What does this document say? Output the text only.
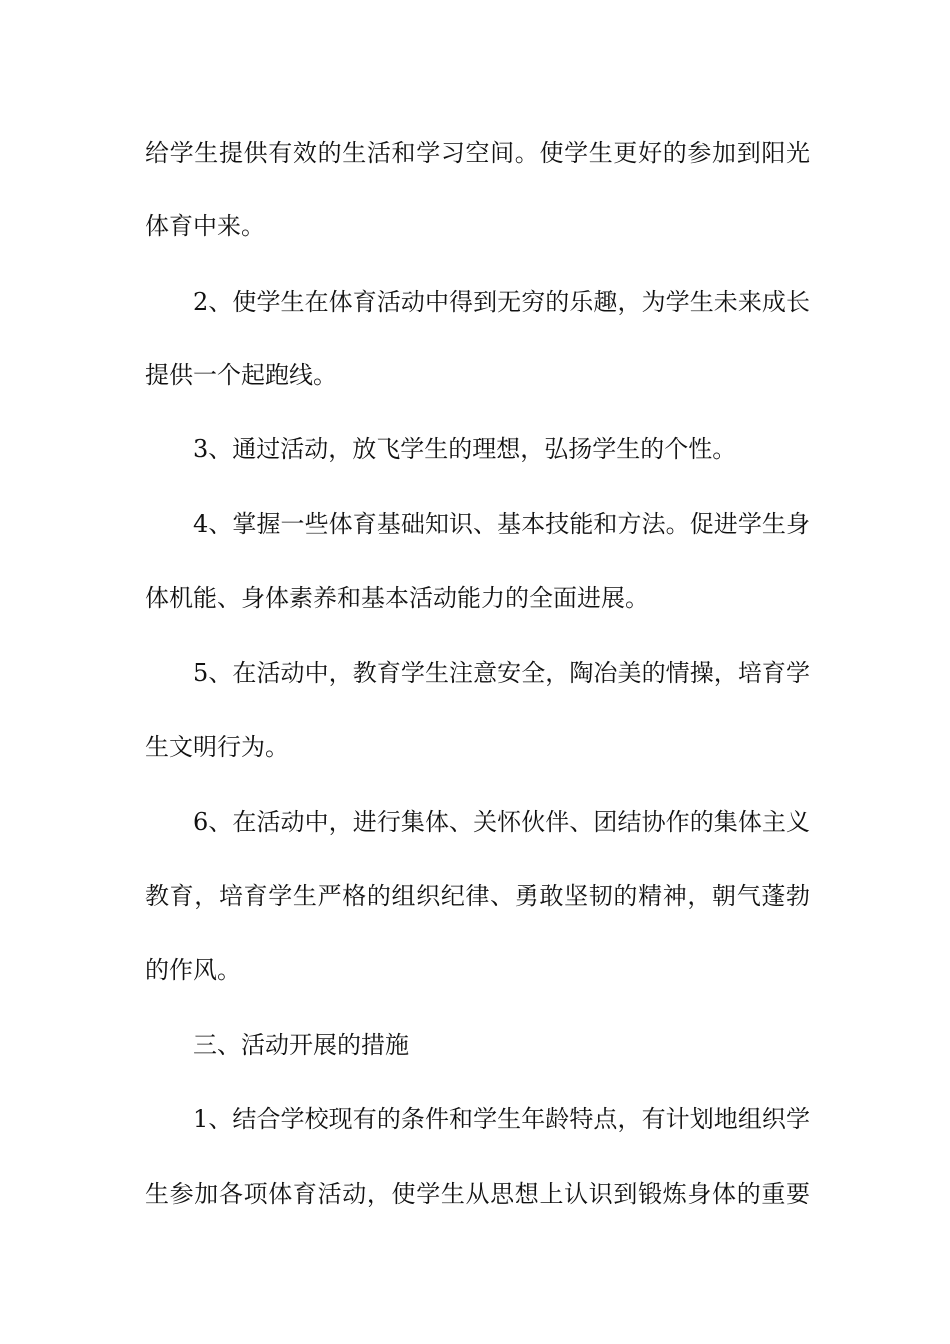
给学生提供有效的生活和学习空间。使学生更好的参加到阳光
体育中来。
2、使学生在体育活动中得到无穷的乐趣，为学生未来成长
提供一个起跑线。
3、通过活动，放飞学生的理想，弘扬学生的个性。
4、掌握一些体育基础知识、基本技能和方法。促进学生身
体机能、身体素养和基本活动能力的全面进展。
5、在活动中，教育学生注意安全，陶冶美的情操，培育学
生文明行为。
6、在活动中，进行集体、关怀伙伴、团结协作的集体主义
教育，培育学生严格的组织纪律、勇敢坚韧的精神，朝气蓬勃
的作风。
三、活动开展的措施
1、结合学校现有的条件和学生年龄特点，有计划地组织学
生参加各项体育活动，使学生从思想上认识到锻炼身体的重要
